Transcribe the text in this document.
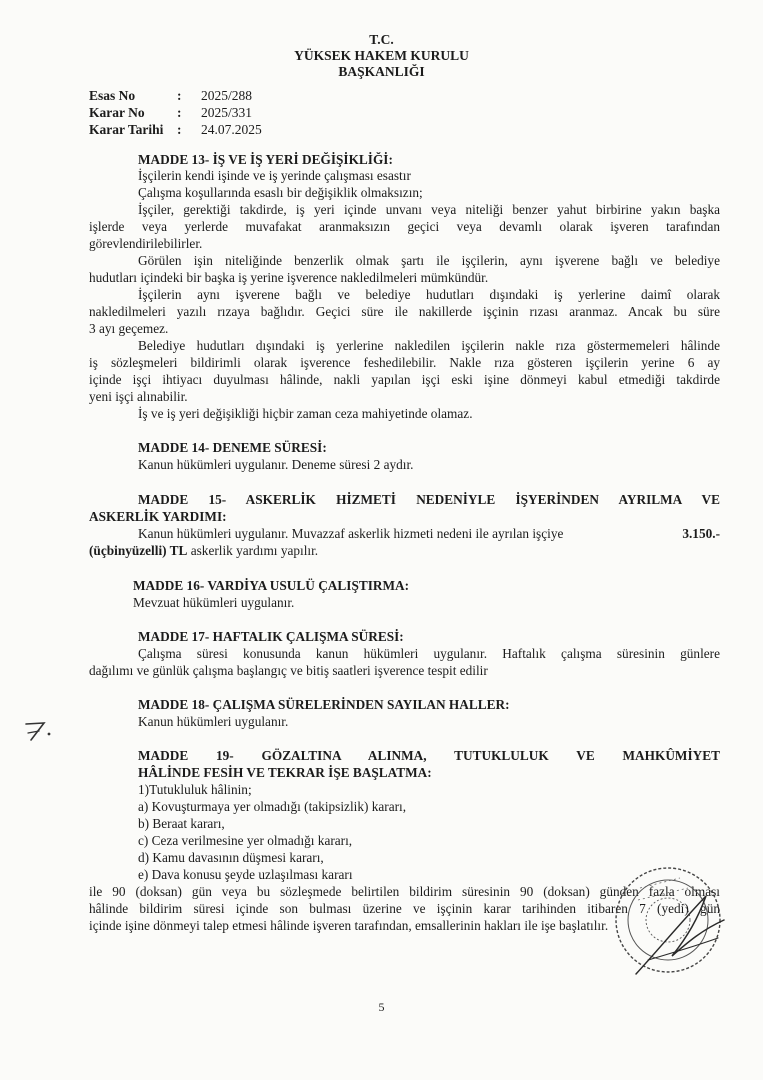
T.C.
YÜKSEK HAKEM KURULU
BAŞKANLIĞI
Esas No	: 2025/288
Karar No : 2025/331
Karar Tarihi : 24.07.2025
MADDE 13- İŞ VE İŞ YERİ DEĞİŞİKLİĞİ:
İşçilerin kendi işinde ve iş yerinde çalışması esastır
Çalışma koşullarında esaslı bir değişiklik olmaksızın;
İşçiler, gerektiği takdirde, iş yeri içinde unvanı veya niteliği benzer yahut birbirine yakın başka
işlerde veya yerlerde muvafakat aranmaksızın geçici veya devamlı olarak işveren tarafından
görevlendirilebilirler.
Görülen işin niteliğinde benzerlik olmak şartı ile işçilerin, aynı işverene bağlı ve belediye
hudutları içindeki bir başka iş yerine işverence nakledilmeleri mümkündür.
İşçilerin aynı işverene bağlı ve belediye hudutları dışındaki iş yerlerine daimî olarak
nakledilmeleri yazılı rızaya bağlıdır. Geçici süre ile nakillerde işçinin rızası aranmaz. Ancak bu süre
3 ayı geçemez.
Belediye hudutları dışındaki iş yerlerine nakledilen işçilerin nakle rıza göstermemeleri hâlinde
iş sözleşmeleri bildirimli olarak işverence feshedilebilir. Nakle rıza gösteren işçilerin yerine 6 ay
içinde işçi ihtiyacı duyulması hâlinde, nakli yapılan işçi eski işine dönmeyi kabul etmediği takdirde
yeni işçi alınabilir.
İş ve iş yeri değişikliği hiçbir zaman ceza mahiyetinde olamaz.
MADDE 14- DENEME SÜRESİ:
Kanun hükümleri uygulanır. Deneme süresi 2 aydır.
MADDE 15- ASKERLİK HİZMETİ NEDENİYLE İŞYERİNDEN AYRILMA VE
ASKERLİK YARDIMI:
Kanun hükümleri uygulanır. Muvazzaf askerlik hizmeti nedeni ile ayrılan işçiye	3.150.-
(üçbinyüzelli) TL askerlik yardımı yapılır.
MADDE 16- VARDİYA USULÜ ÇALIŞTIRMA:
Mevzuat hükümleri uygulanır.
MADDE 17- HAFTALIK ÇALIŞMA SÜRESİ:
Çalışma süresi konusunda kanun hükümleri uygulanır. Haftalık çalışma süresinin günlere
dağılımı ve günlük çalışma başlangıç ve bitiş saatleri işverence tespit edilir
MADDE 18- ÇALIŞMA SÜRELERİNDEN SAYILAN HALLER:
Kanun hükümleri uygulanır.
MADDE 19- GÖZALTINA ALINMA, TUTUKLULUK VE MAHKÛMİYET
HÂLİNDE FESİH VE TEKRAR İŞE BAŞLATMA:
1)Tutukluluk hâlinin;
a) Kovuşturmaya yer olmadığı (takipsizlik) kararı,
b) Beraat kararı,
c) Ceza verilmesine yer olmadığı kararı,
d) Kamu davasının düşmesi kararı,
e) Dava konusu şeyde uzlaşılması kararı
ile 90 (doksan) gün veya bu sözleşmede belirtilen bildirim süresinin 90 (doksan) günden fazla olması
hâlinde bildirim süresi içinde son bulması üzerine ve işçinin karar tarihinden itibaren 7 (yedi) gün
içinde işine dönmeyi talep etmesi hâlinde işveren tarafından, emsallerinin hakları ile işe başlatılır.
5
